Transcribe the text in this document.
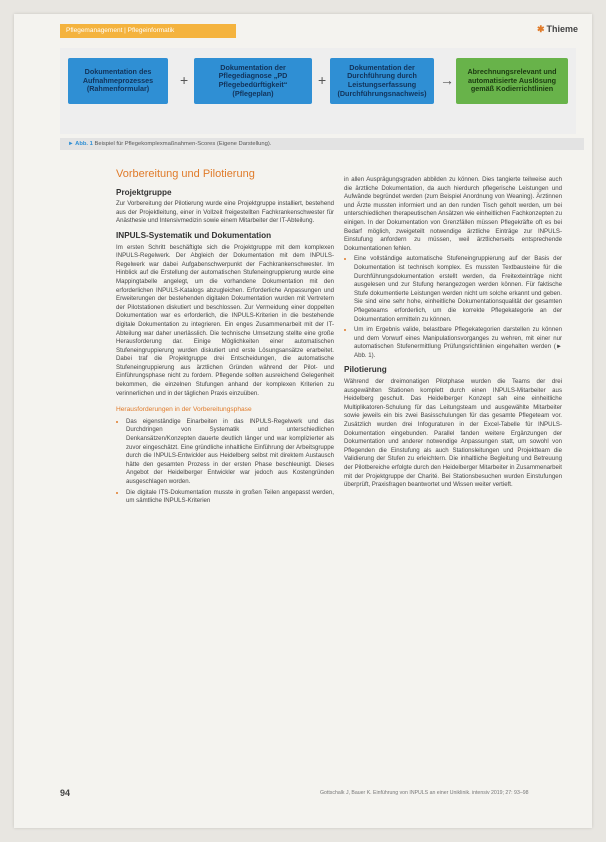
Pflegemanagement | Pflegeinformatik	✱ Thieme
Dokumentation des Aufnahmeprozesses (Rahmenformular)
+
Dokumentation der Pflegediagnose „PD Pflegebedürftigkeit“ (Pflegeplan)
+
Dokumentation der Durchführung durch Leistungserfassung (Durchführungsnachweis)
→
Abrechnungsrelevant und automatisierte Auslösung gemäß Kodierrichtlinien
► Abb. 1 Beispiel für Pflegekomplexmaßnahmen-Scores (Eigene Darstellung).
Vorbereitung und Pilotierung
Projektgruppe

Zur Vorbereitung der Pilotierung wurde eine Projektgruppe installiert, bestehend aus der Projektleitung, einer in Vollzeit freigestellten Fachkrankenschwester für Anästhesie und Intensivmedizin sowie einem Mitarbeiter der IT-Abteilung.

INPULS-Systematik und Dokumentation

Im ersten Schritt beschäftigte sich die Projektgruppe mit dem komplexen INPULS-Regelwerk. Der Abgleich der Dokumentation mit dem INPULS-Regelwerk war dabei Aufgabenschwerpunkt der Fachkrankenschwester. Im Hinblick auf die Erstellung der automatischen Stufeneingruppierung wurde eine Mappingtabelle angelegt, um die vorhandene Dokumentation mit den erforderlichen INPULS-Katalogs abzugleichen. Erforderliche Anpassungen und Erweiterungen der bestehenden digitalen Dokumentation wurden mit Vertretern der Pilotstationen diskutiert und beschlossen. Zur Vermeidung einer doppelten Dokumentation war es erforderlich, die INPULS-Kriterien in die bestehende digitale Dokumentation zu integrieren. Ein enges Zusammenarbeit mit der IT-Abteilung war daher unerlässlich. Die technische Umsetzung stellte eine große Herausforderung dar. Einige Möglichkeiten einer automatischen Stufeneingruppierung wurden diskutiert und erste Lösungsansätze erarbeitet. Dabei traf die Projektgruppe drei Entscheidungen, die automatische Stufeneingruppierung aus ärztlichen Gründen während der Pilot- und Einführungsphase nicht zu fordern. Pflegende sollten ausreichend Gelegenheit bekommen, die einzelnen Stufungen anhand der komplexen Kriterien zu verinnerlichen und in der täglichen Praxis einzuüben.

Herausforderungen in der Vorbereitungsphase
• Das eigenständige Einarbeiten in das INPULS-Regelwerk und das Durchdringen von Systematik und unterschiedlichen Denkansätzen/Konzepten dauerte deutlich länger und war komplizierter als zuvor eingeschätzt. Eine gründliche inhaltliche Einführung der Arbeitsgruppe durch die INPULS-Entwickler aus Heidelberg selbst mit direktem Austausch hätte den gesamten Prozess in der ersten Phase beschleunigt. Dieses Angebot der Heidelberger Entwickler war jedoch aus Kostengründen ausgeschlagen worden.
• Die digitale ITS-Dokumentation musste in großen Teilen angepasst werden, um sämtliche INPULS-Kriterien

in allen Ausprägungsgraden abbilden zu können. Dies tangierte teilweise auch die ärztliche Dokumentation, da auch hierdurch pflegerische Leistungen und Aufwände begründet werden (zum Beispiel Anordnung von Weaning). Ärztinnen und Ärzte mussten informiert und an den runden Tisch geholt werden, um bei unterschiedlichen therapeutischen Ansätzen wie einheitlichen Fachkonzepten zu einigen. In der Dokumentation von Grenzfällen müssen Pflegekräfte oft es bei Bedarf möglich, zweigeteilt notwendige ärztliche Einträge zur INPULS-Einstufung anfordern zu müssen, weil ärztlicherseits entsprechende Dokumentationen fehlen.

• Eine vollständige automatische Stufeneingruppierung auf der Basis der Dokumentation ist technisch komplex. Es mussten Textbausteine für die Durchführungsdokumentation erstellt werden, da Freitexteinträge nicht ausgelesen und zur Stufung herangezogen werden können. Für faktische Stufe dokumentierte Leistungen werden nicht um solche erkannt und geben. Sie sind eine sehr hohe, einheitliche Dokumentationsqualität der gesamten Pflegeteams erforderlich, um die korrekte Pflegekategorie an der Dokumentation ermitteln zu können.
• Um im Ergebnis valide, belastbare Pflegekategorien darstellen zu können und dem Vorwurf eines Manipulationsvorganges zu wehren, mit einer nur automatischen Stufenermittlung Prüfungsrichtlinien eingehalten werden (► Abb. 1).
Pilotierung

Während der dreimonatigen Pilotphase wurden die Teams der drei ausgewählten Stationen komplett durch einen INPULS-Mitarbeiter aus Heidelberg geschult. Das Heidelberger Konzept sah eine einheitliche Multiplikatoren-Schulung für das Leitungsteam und ausgewählte Mitarbeiter sowie jeweils ein bis zwei Basisschulungen für das gesamte Pflegeteam vor. Zusätzlich wurden drei Infoguraturen in der Excel-Tabelle für INPULS-Dokumentation eingebunden. Parallel fanden weitere Ergänzungen der Dokumentation und anderer notwendige Anpassungen statt, um sowohl von Pflegenden die Einstufung als auch Stationsleitungen und Projektteam die Validierung der Stufen zu erleichtern. Die inhaltliche Begleitung und Betreuung der Pilotbereiche erfolgte durch den Heidelberger Mitarbeiter in Zusammenarbeit mit der Projektgruppe der Charité. Bei Stationsbesuchen wurden Einstufungen überprüft, Praxisfragen beantwortet und Wissen weiter vertieft.

94	Gottschalk J, Bauer K. Einführung von INPULS an einer Uniklinik. intensiv 2019; 27: 93–98
